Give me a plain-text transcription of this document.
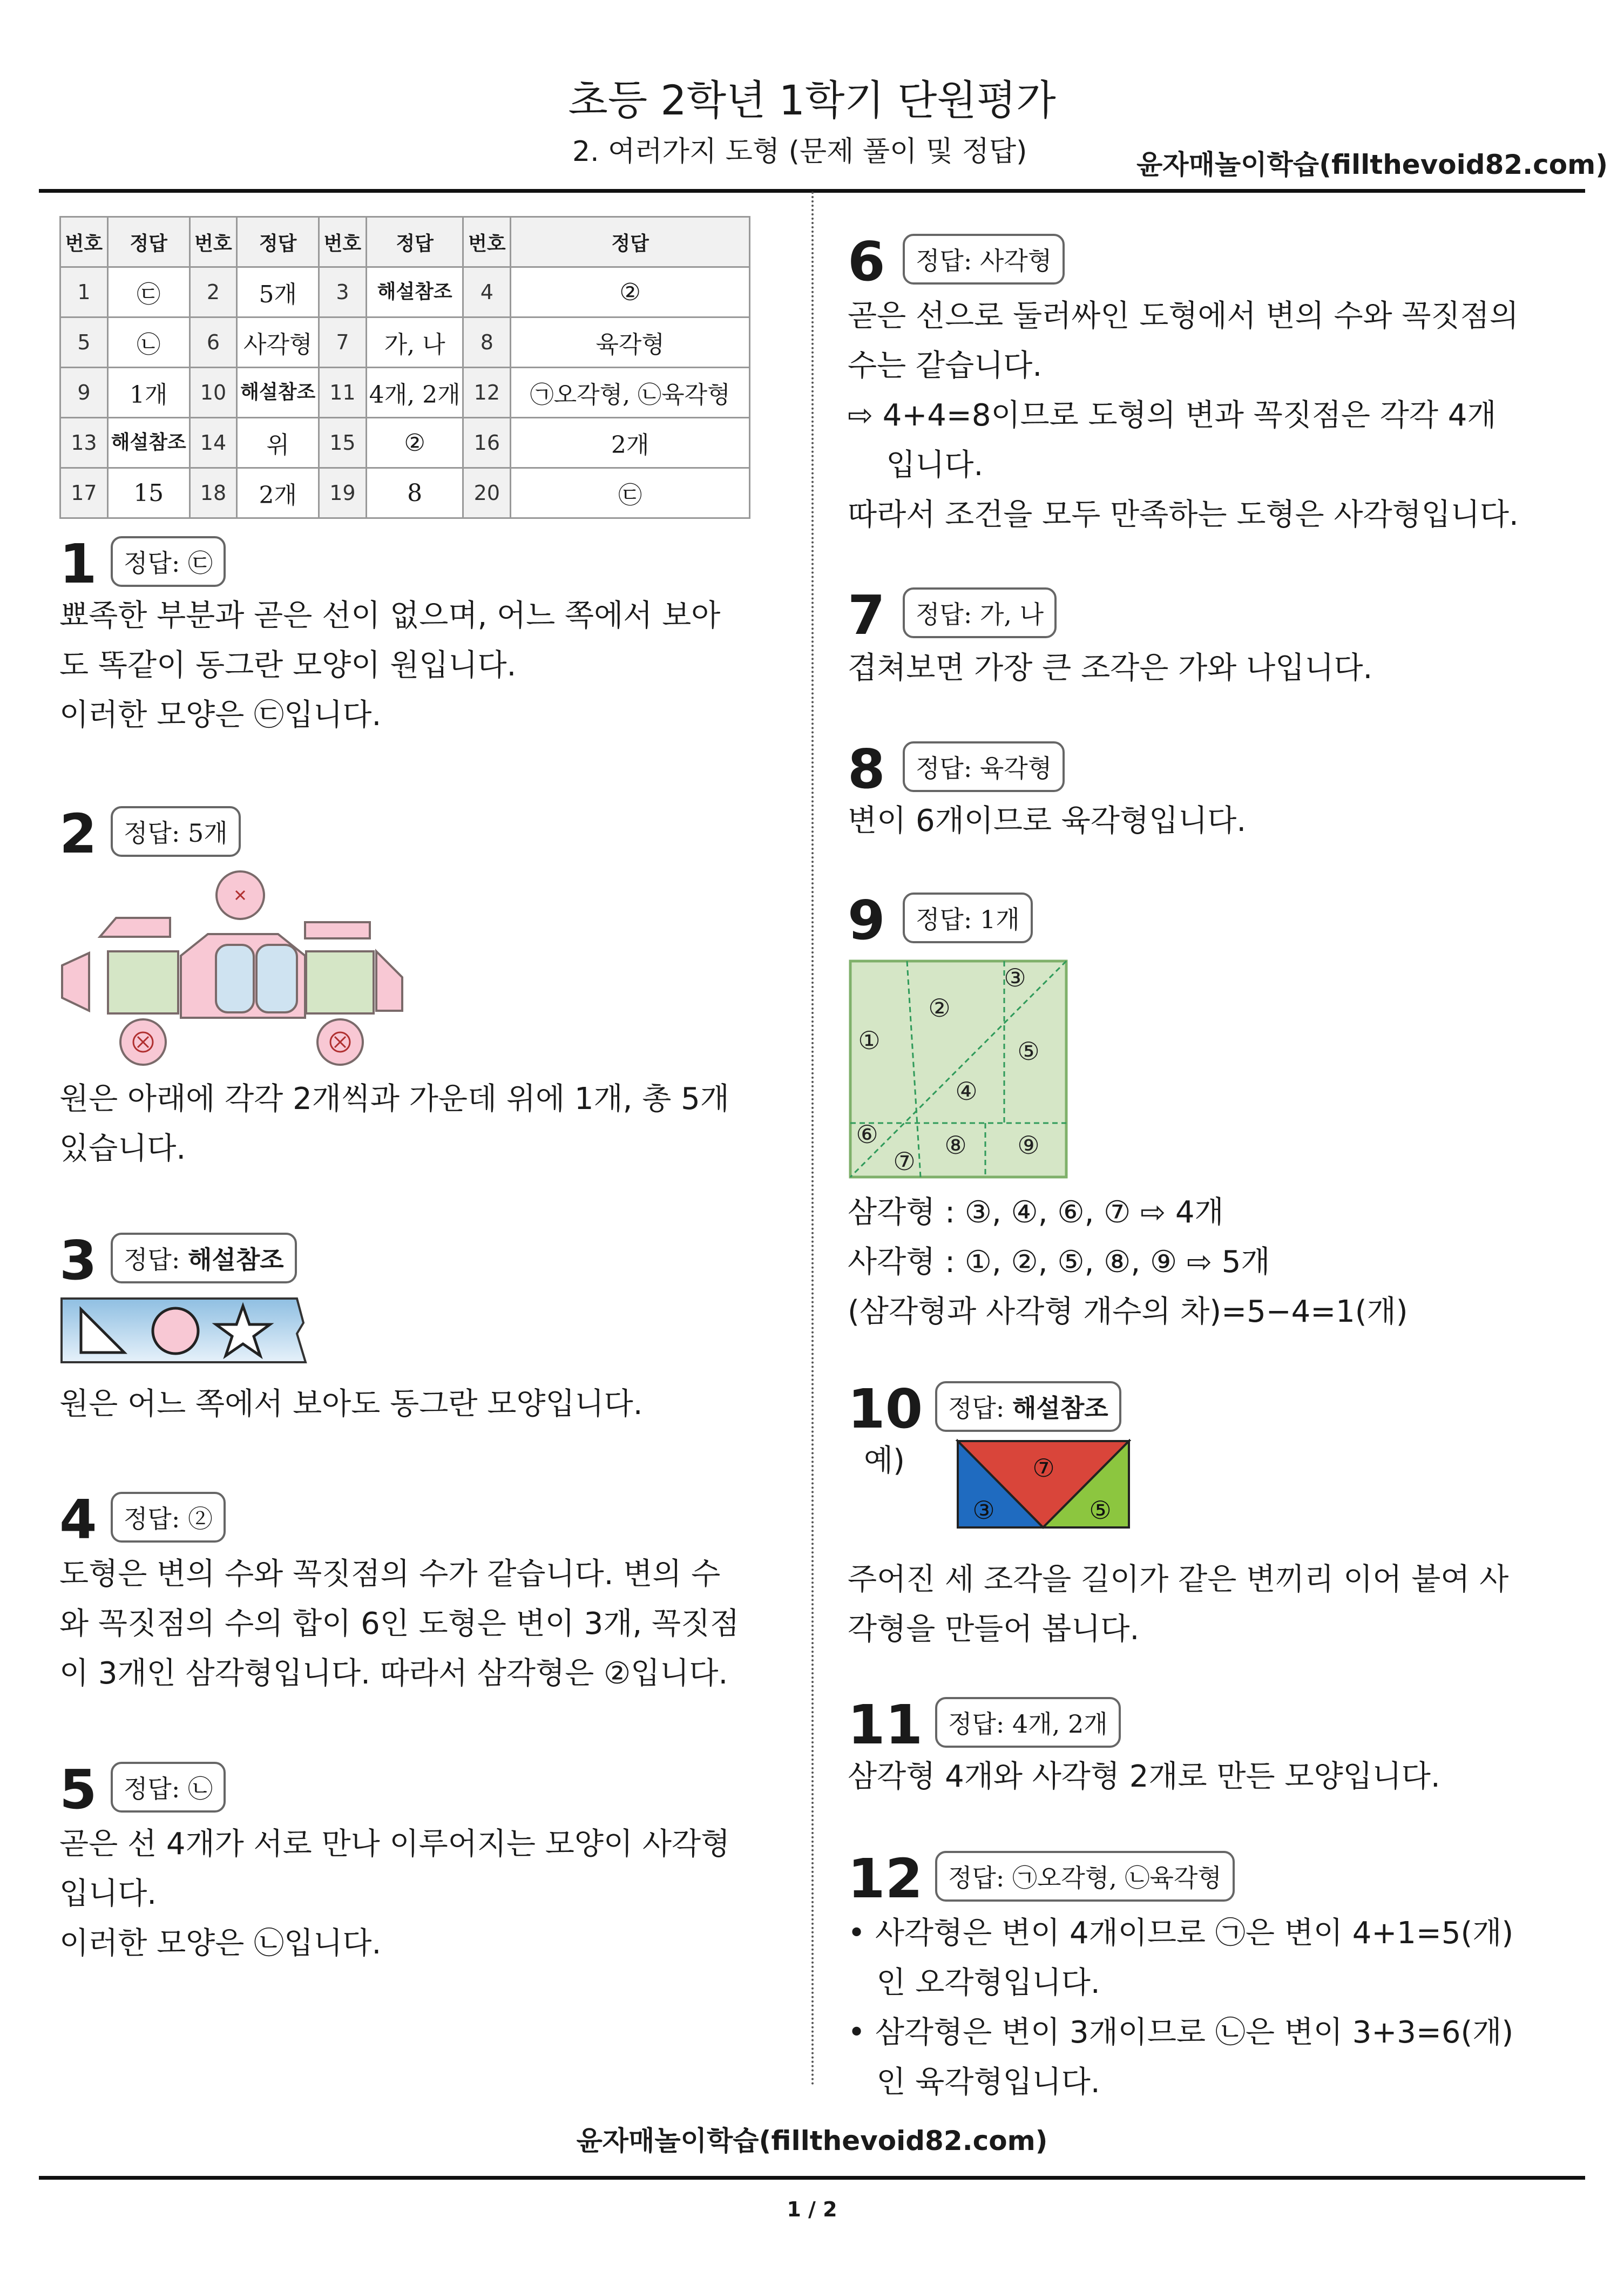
초등 2학년 1학기 단원평가
2. 여러가지 도형 (문제 풀이 및 정답)	윤자매놀이학습(fillthevoid82.com)
번호	정답	번호	정답	번호	정답	번호	정답
1	㉢	2	5개	3	해설참조	4	②
5	㉡	6	사각형	7	가, 나	8	육각형
9	1개	10	해설참조	11	4개, 2개	12	㉠오각형, ㉡육각형
13	해설참조	14	위	15	②	16	2개
17	15	18	2개	19	8	20	㉢
1	정답: ㉢
뾰족한 부분과 곧은 선이 없으며, 어느 쪽에서 보아
도 똑같이 동그란 모양이 원입니다.
이러한 모양은 ㉢입니다.
2	정답: 5개
원은 아래에 각각 2개씩과 가운데 위에 1개, 총 5개
있습니다.
3	정답: 해설참조
원은 어느 쪽에서 보아도 동그란 모양입니다.
4	정답: ②
도형은 변의 수와 꼭짓점의 수가 같습니다. 변의 수
와 꼭짓점의 수의 합이 6인 도형은 변이 3개, 꼭짓점
이 3개인 삼각형입니다. 따라서 삼각형은 ②입니다.
5	정답: ㉡
곧은 선 4개가 서로 만나 이루어지는 모양이 사각형
입니다.
이러한 모양은 ㉡입니다.
6	정답: 사각형
곧은 선으로 둘러싸인 도형에서 변의 수와 꼭짓점의
수는 같습니다.
⇨ 4+4=8이므로 도형의 변과 꼭짓점은 각각 4개
입니다.
따라서 조건을 모두 만족하는 도형은 사각형입니다.
7	정답: 가, 나
겹쳐보면 가장 큰 조각은 가와 나입니다.
8	정답: 육각형
변이 6개이므로 육각형입니다.
9	정답: 1개
①
②
③
④
⑤
⑥
⑦
⑧ ⑨
삼각형 : ③, ④, ⑥, ⑦ ⇨ 4개
사각형 : ①, ②, ⑤, ⑧, ⑨ ⇨ 5개
(삼각형과 사각형 개수의 차)=5−4=1(개)
10	정답: 해설참조
예)	⑦
③	⑤
주어진 세 조각을 길이가 같은 변끼리 이어 붙여 사
각형을 만들어 봅니다.
11	정답: 4개, 2개
삼각형 4개와 사각형 2개로 만든 모양입니다.
12	정답: ㉠오각형, ㉡육각형
• 사각형은 변이 4개이므로 ㉠은 변이 4+1=5(개)
인 오각형입니다.
• 삼각형은 변이 3개이므로 ㉡은 변이 3+3=6(개)
인 육각형입니다.
윤자매놀이학습(fillthevoid82.com)
1 / 2
